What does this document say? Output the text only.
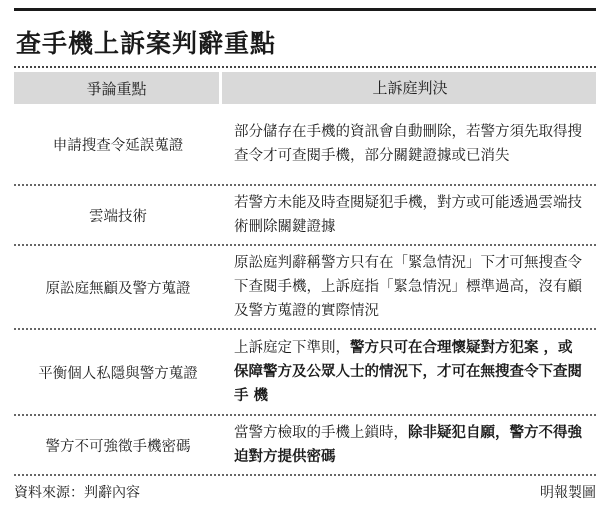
查手機上訴案判辭重點
爭論重點	上訴庭判決
申請搜查令延誤蒐證
部分儲存在手機的資訊會自動刪除，若警方須先取得搜查令才可查閱手機，部分關鍵證據或已消失
雲端技術
若警方未能及時查閱疑犯手機，對方或可能透過雲端技術刪除關鍵證據
原訟庭無顧及警方蒐證
原訟庭判辭稱警方只有在「緊急情況」下才可無搜查令下查閱手機，上訴庭指「緊急情況」標準過高，沒有顧及警方蒐證的實際情況
平衡個人私隱與警方蒐證
上訴庭定下準則，警方只可在合理懷疑對方犯案 ，或保障警方及公眾人士的情況下，才可在無搜查令下查閱手 機
警方不可強徵手機密碼
當警方檢取的手機上鎖時，除非疑犯自願，警方不得強迫對方提供密碼
資料來源：判辭內容	明報製圖
